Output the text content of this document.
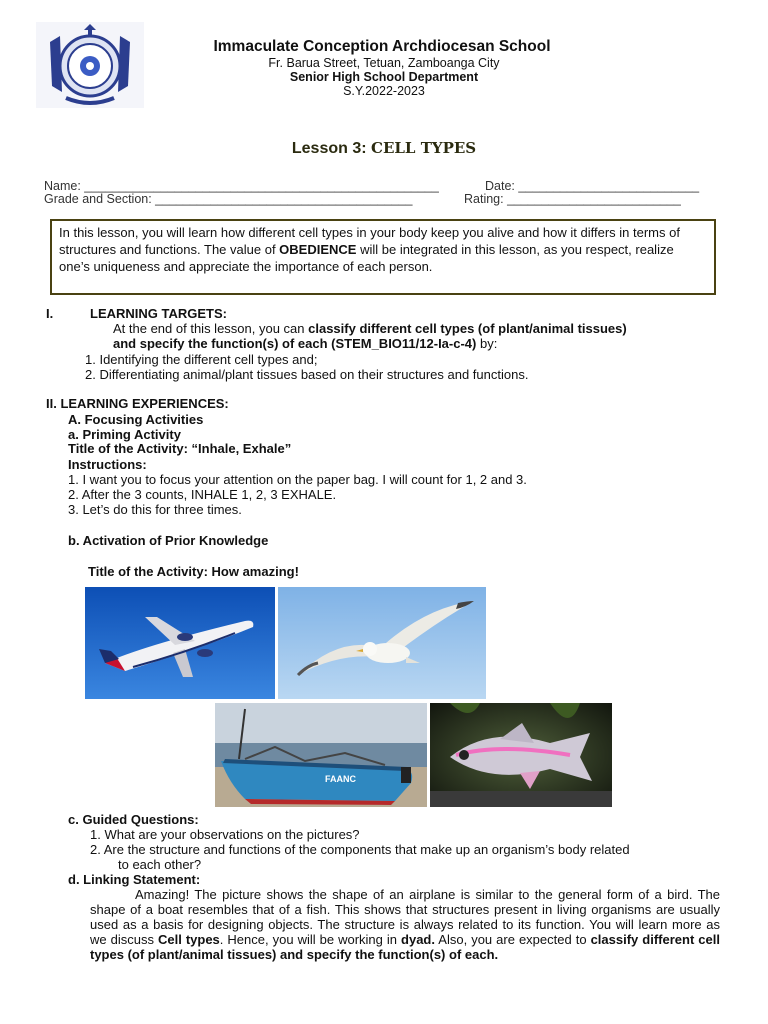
Immaculate Conception Archdiocesan School
Fr. Barua Street, Tetuan, Zamboanga City
Senior High School Department
S.Y.2022-2023
Lesson 3: CELL TYPES
Name: ___________________________________________________	Date: __________________________
Grade and Section: _____________________________________	Rating: _________________________
In this lesson, you will learn how different cell types in your body keep you alive and how it differs in terms of structures and functions. The value of OBEDIENCE will be integrated in this lesson, as you respect, realize one’s uniqueness and appreciate the importance of each person.
I.	LEARNING TARGETS:
At the end of this lesson, you can classify different cell types (of plant/animal tissues)
and specify the function(s) of each (STEM_BIO11/12-Ia-c-4) by:
1. Identifying the different cell types and;
2. Differentiating animal/plant tissues based on their structures and functions.
II. LEARNING EXPERIENCES:
A. Focusing Activities
a. Priming Activity
Title of the Activity: “Inhale, Exhale”
Instructions:
1. I want you to focus your attention on the paper bag. I will count for 1, 2 and 3.
2. After the 3 counts, INHALE 1, 2, 3 EXHALE.
3. Let’s do this for three times.
b. Activation of Prior Knowledge
Title of the Activity: How amazing!
FAANC
c. Guided Questions:
1. What are your observations on the pictures?
2. Are the structure and functions of the components that make up an organism’s body related
to each other?
d. Linking Statement:
Amazing! The picture shows the shape of an airplane is similar to the general form of a bird. The shape of a boat resembles that of a fish. This shows that structures present in living organisms are usually used as a basis for designing objects. The structure is always related to its function. You will learn more as we discuss Cell types. Hence, you will be working in dyad. Also, you are expected to classify different cell types (of plant/animal tissues) and specify the function(s) of each.
